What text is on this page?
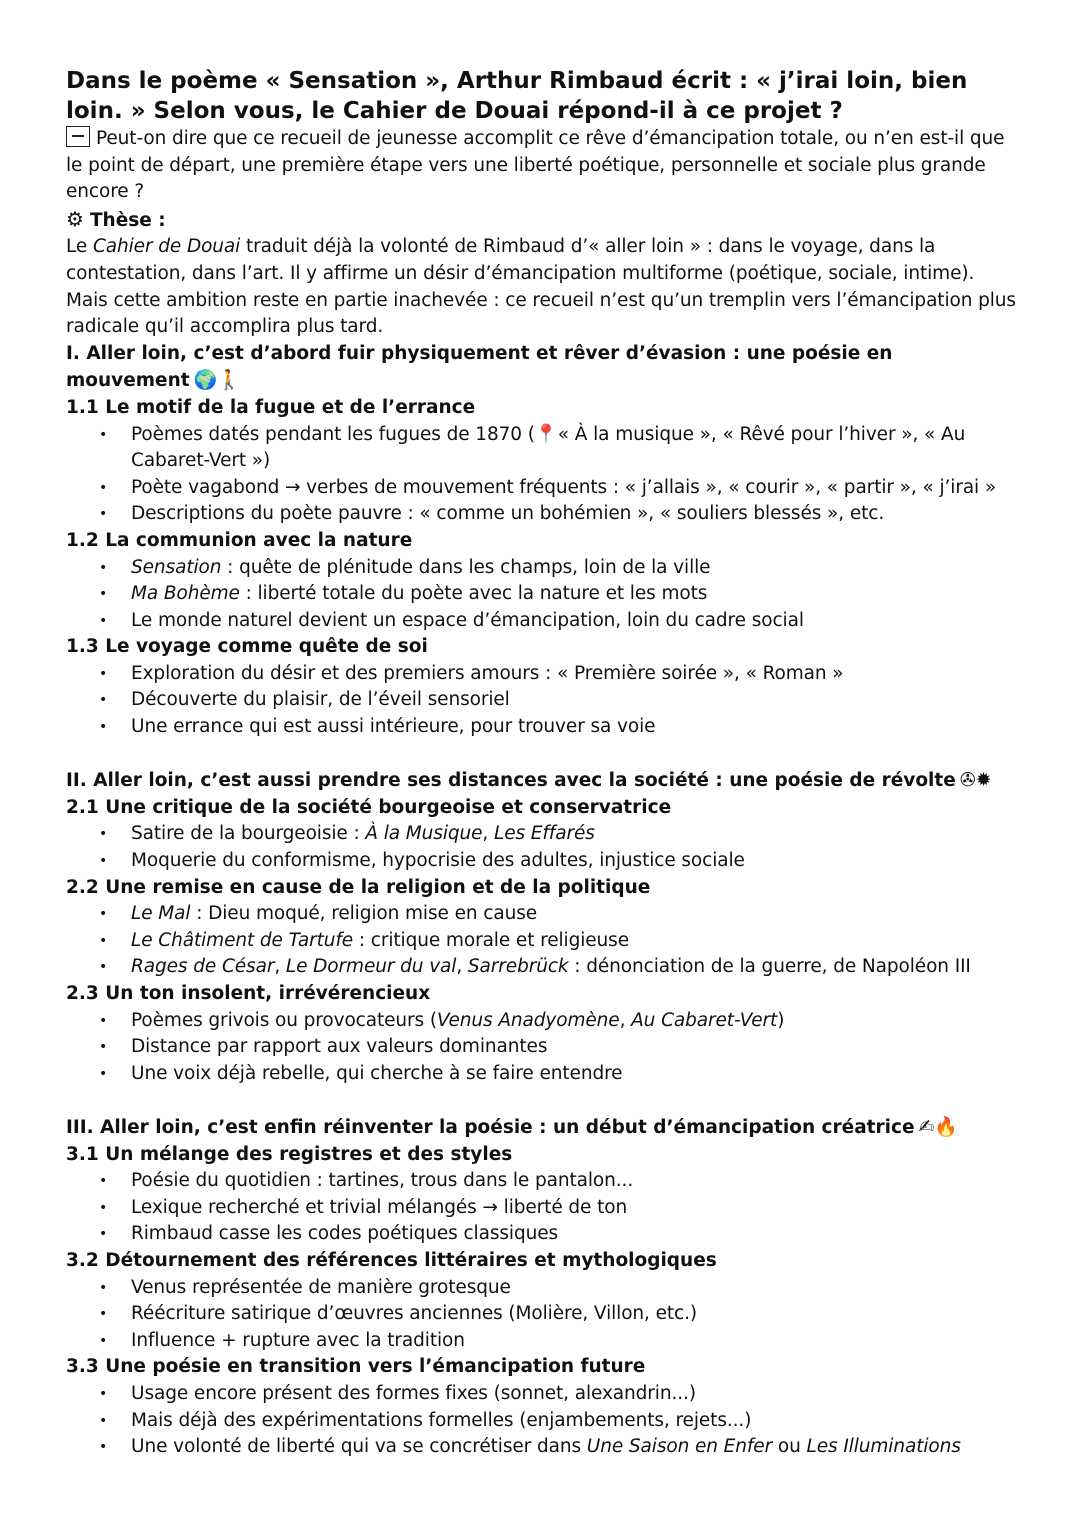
Dans le poème « Sensation », Arthur Rimbaud écrit : « j’irai loin, bien loin. » Selon vous, le Cahier de Douai répond-il à ce projet ?

Peut-on dire que ce recueil de jeunesse accomplit ce rêve d’émancipation totale, ou n’en est-il que le point de départ, une première étape vers une liberté poétique, personnelle et sociale plus grande encore ?

⚙ Thèse :

Le Cahier de Douai traduit déjà la volonté de Rimbaud d’« aller loin » : dans le voyage, dans la contestation, dans l’art. Il y affirme un désir d’émancipation multiforme (poétique, sociale, intime). Mais cette ambition reste en partie inachevée : ce recueil n’est qu’un tremplin vers l’émancipation plus radicale qu’il accomplira plus tard.

I. Aller loin, c’est d’abord fuir physiquement et rêver d’évasion : une poésie en mouvement 🌍🚶

1.1 Le motif de la fugue et de l’errance

• Poèmes datés pendant les fugues de 1870 (📍« À la musique », « Rêvé pour l’hiver », « Au Cabaret-Vert »)
• Poète vagabond → verbes de mouvement fréquents : « j’allais », « courir », « partir », « j’irai »
• Descriptions du poète pauvre : « comme un bohémien », « souliers blessés », etc.

1.2 La communion avec la nature

• Sensation : quête de plénitude dans les champs, loin de la ville
• Ma Bohème : liberté totale du poète avec la nature et les mots
• Le monde naturel devient un espace d’émancipation, loin du cadre social

1.3 Le voyage comme quête de soi

• Exploration du désir et des premiers amours : « Première soirée », « Roman »
• Découverte du plaisir, de l’éveil sensoriel
• Une errance qui est aussi intérieure, pour trouver sa voie

II. Aller loin, c’est aussi prendre ses distances avec la société : une poésie de révolte ✇✹

2.1 Une critique de la société bourgeoise et conservatrice

• Satire de la bourgeoisie : À la Musique, Les Effarés
• Moquerie du conformisme, hypocrisie des adultes, injustice sociale

2.2 Une remise en cause de la religion et de la politique

• Le Mal : Dieu moqué, religion mise en cause
• Le Châtiment de Tartufe : critique morale et religieuse
• Rages de César, Le Dormeur du val, Sarrebrück : dénonciation de la guerre, de Napoléon III

2.3 Un ton insolent, irrévérencieux

• Poèmes grivois ou provocateurs (Venus Anadyomène, Au Cabaret-Vert)
• Distance par rapport aux valeurs dominantes
• Une voix déjà rebelle, qui cherche à se faire entendre

III. Aller loin, c’est enfin réinventer la poésie : un début d’émancipation créatrice ✍🔥

3.1 Un mélange des registres et des styles

• Poésie du quotidien : tartines, trous dans le pantalon...
• Lexique recherché et trivial mélangés → liberté de ton
• Rimbaud casse les codes poétiques classiques

3.2 Détournement des références littéraires et mythologiques

• Venus représentée de manière grotesque
• Réécriture satirique d’œuvres anciennes (Molière, Villon, etc.)
• Influence + rupture avec la tradition

3.3 Une poésie en transition vers l’émancipation future

• Usage encore présent des formes fixes (sonnet, alexandrin...)
• Mais déjà des expérimentations formelles (enjambements, rejets...)
• Une volonté de liberté qui va se concrétiser dans Une Saison en Enfer ou Les Illuminations
